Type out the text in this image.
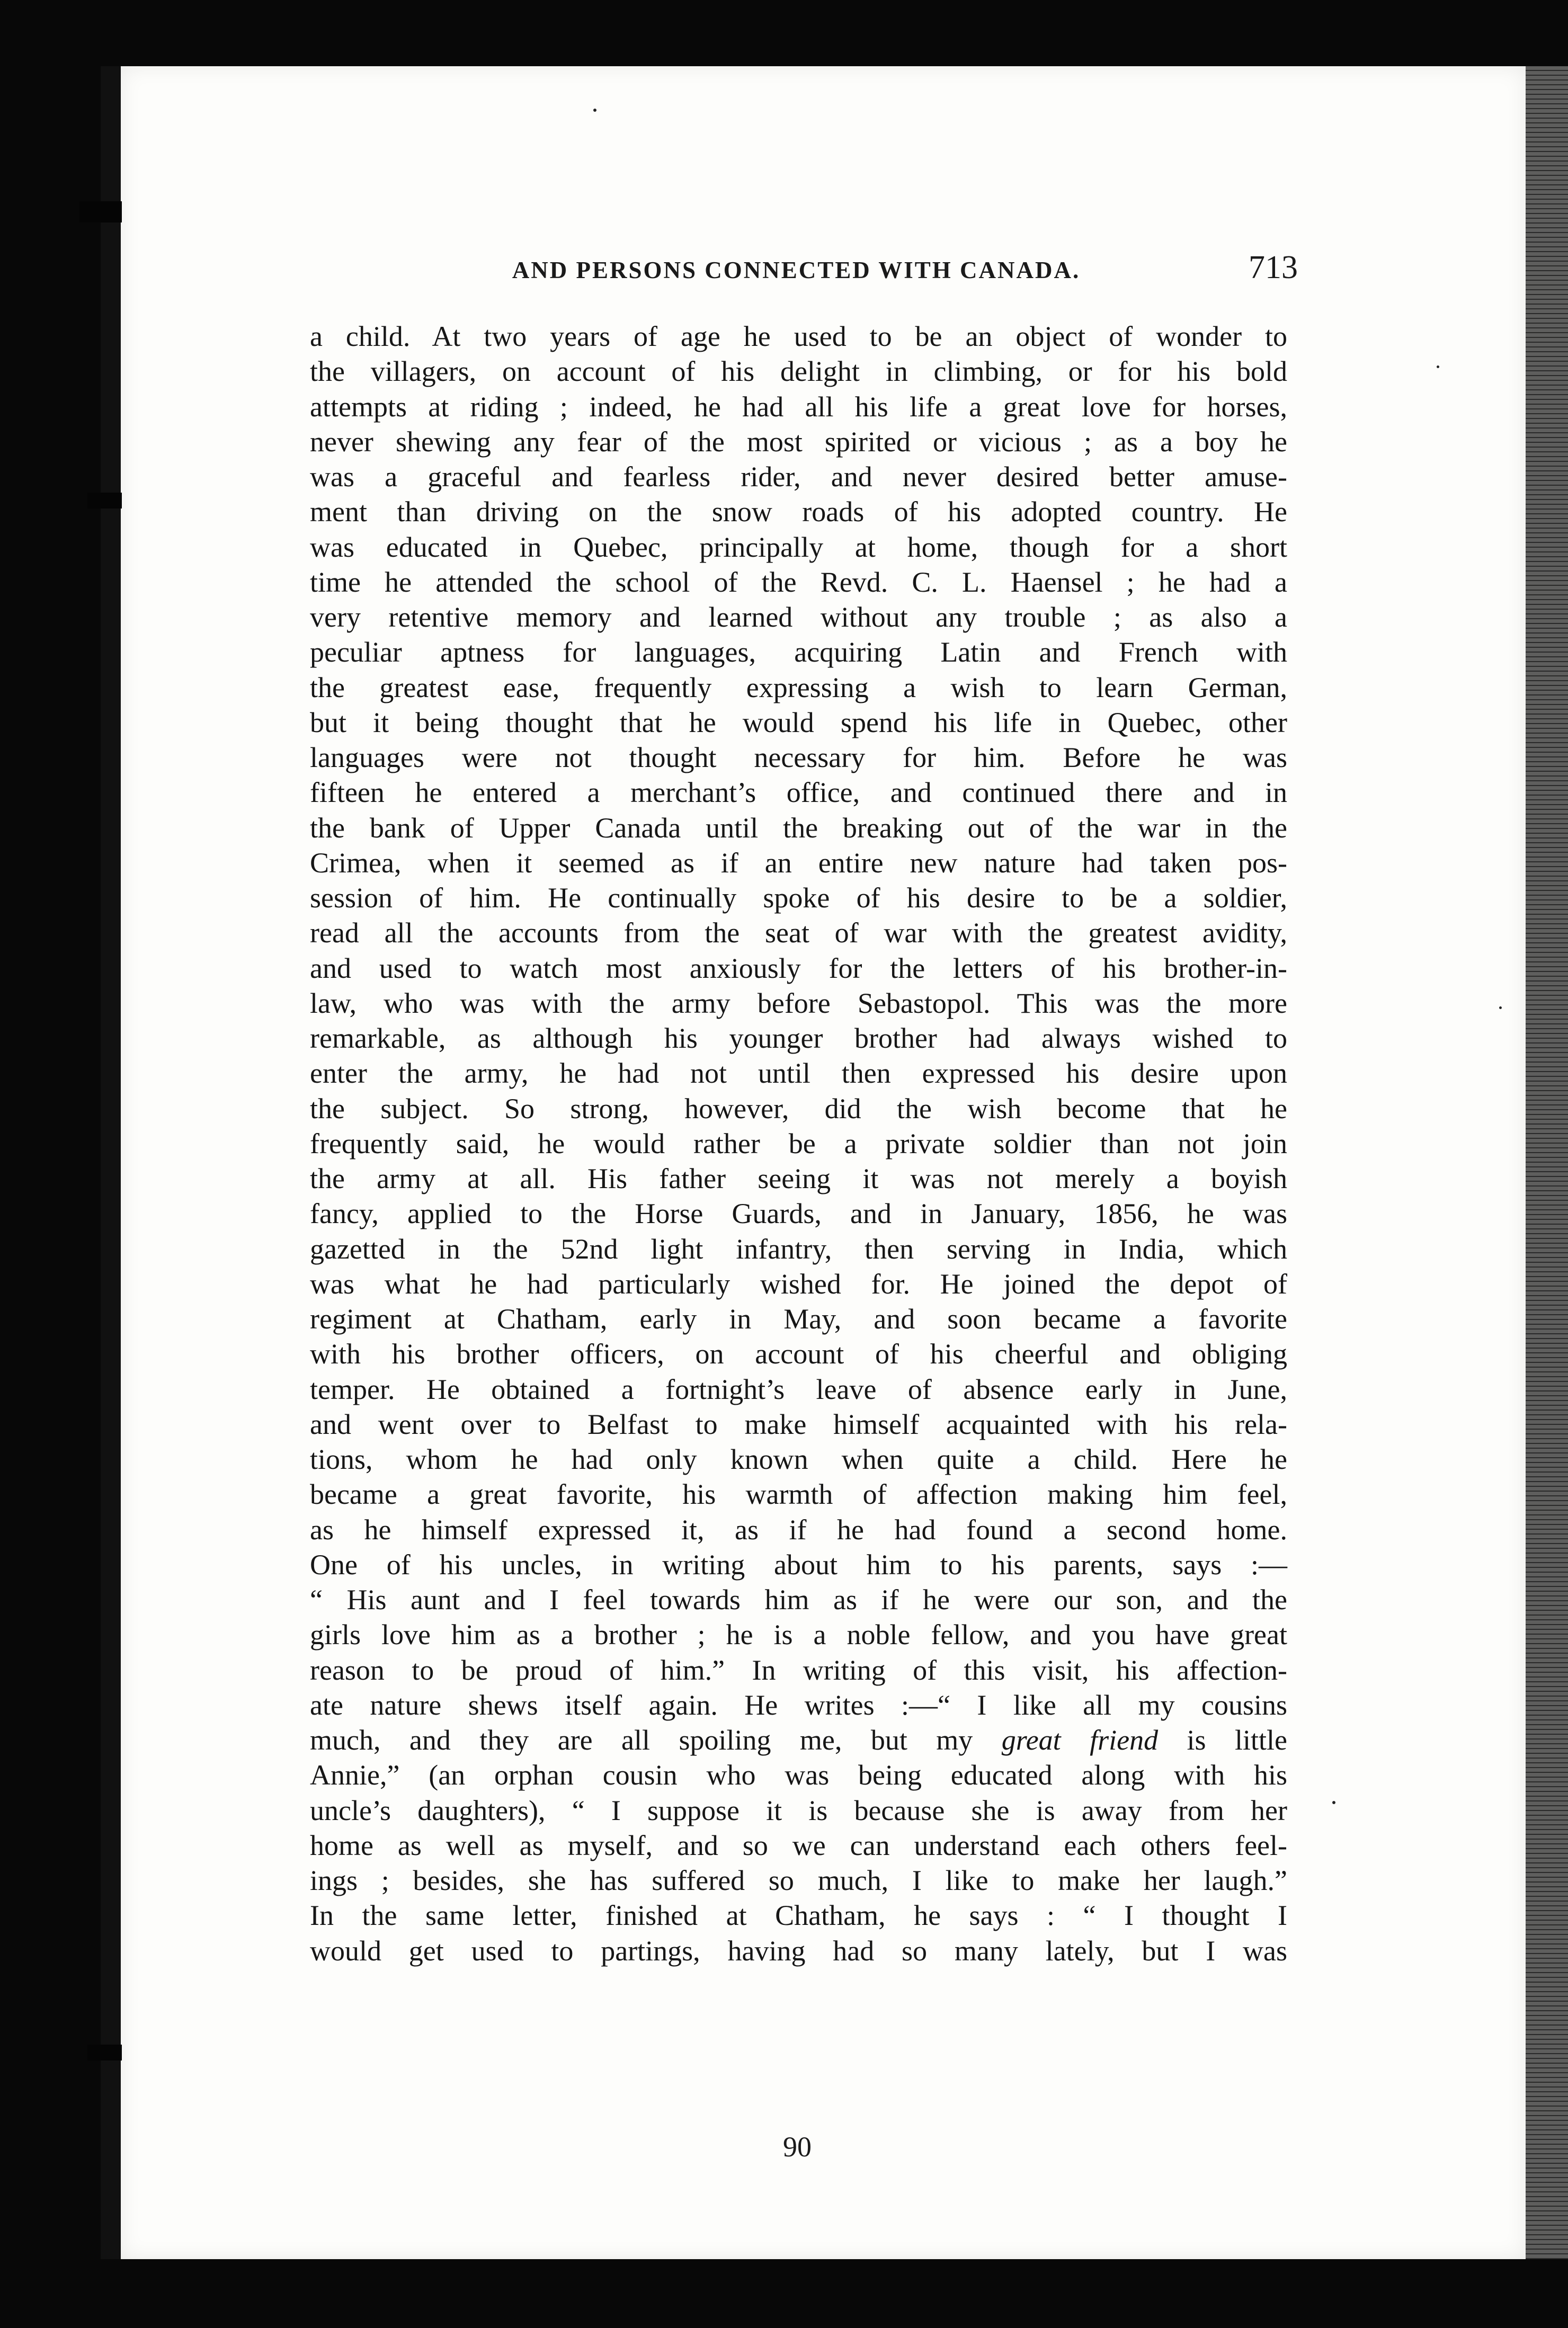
AND PERSONS CONNECTED WITH CANADA.	713
a child. At two years of age he used to be an object of wonder to
the villagers, on account of his delight in climbing, or for his bold
attempts at riding ; indeed, he had all his life a great love for horses,
never shewing any fear of the most spirited or vicious ; as a boy he
was a graceful and fearless rider, and never desired better amuse-
ment than driving on the snow roads of his adopted country. He
was educated in Quebec, principally at home, though for a short
time he attended the school of the Revd. C. L. Haensel ; he had a
very retentive memory and learned without any trouble ; as also a
peculiar aptness for languages, acquiring Latin and French with
the greatest ease, frequently expressing a wish to learn German,
but it being thought that he would spend his life in Quebec, other
languages were not thought necessary for him. Before he was
fifteen he entered a merchant’s office, and continued there and in
the bank of Upper Canada until the breaking out of the war in the
Crimea, when it seemed as if an entire new nature had taken pos-
session of him. He continually spoke of his desire to be a soldier,
read all the accounts from the seat of war with the greatest avidity,
and used to watch most anxiously for the letters of his brother-in-
law, who was with the army before Sebastopol. This was the more
remarkable, as although his younger brother had always wished to
enter the army, he had not until then expressed his desire upon
the subject. So strong, however, did the wish become that he
frequently said, he would rather be a private soldier than not join
the army at all. His father seeing it was not merely a boyish
fancy, applied to the Horse Guards, and in January, 1856, he was
gazetted in the 52nd light infantry, then serving in India, which
was what he had particularly wished for. He joined the depot of
regiment at Chatham, early in May, and soon became a favorite
with his brother officers, on account of his cheerful and obliging
temper. He obtained a fortnight’s leave of absence early in June,
and went over to Belfast to make himself acquainted with his rela-
tions, whom he had only known when quite a child. Here he
became a great favorite, his warmth of affection making him feel,
as he himself expressed it, as if he had found a second home.
One of his uncles, in writing about him to his parents, says :—
“ His aunt and I feel towards him as if he were our son, and the
girls love him as a brother ; he is a noble fellow, and you have great
reason to be proud of him.” In writing of this visit, his affection-
ate nature shews itself again. He writes :—“ I like all my cousins
much, and they are all spoiling me, but my great friend is little
Annie,” (an orphan cousin who was being educated along with his
uncle’s daughters), “ I suppose it is because she is away from her
home as well as myself, and so we can understand each others feel-
ings ; besides, she has suffered so much, I like to make her laugh.”
In the same letter, finished at Chatham, he says : “ I thought I
would get used to partings, having had so many lately, but I was
90
